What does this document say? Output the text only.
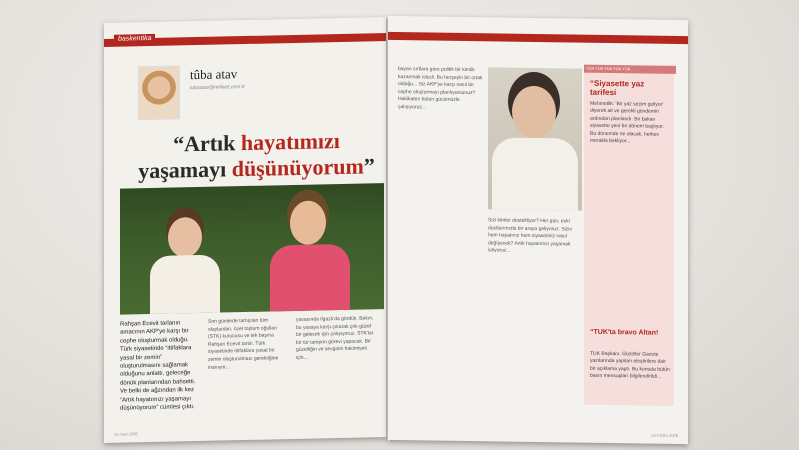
baskentika
tûba atav
tubaatav@milliyet.com.tr
“Artık hayatımızı
yaşamayı düşünüyorum”
Rahşan Ecevit tarlanın amacının AKP'ye karşı bir cephe oluşturmak olduğu. Türk siyasetinde “ittifaklara yasal bir zemin” oluşturulmasını sağlamak olduğunu anlattı, geleceğe dönük planlarından bahsetti. Ve belki de ağzından ilk kez “Artık hayatımızı yaşamayı düşünüyorum” cümlesi çıktı.
Son günlerde tartışılan tüm olaylardan, özel toplum oğulları (STK) kurucusu ve tek başına Rahşan Ecevit tartılı. Türk siyasetinde ittifaklara yasal bir zemin oluşturulması gerektiğine inanıyor...
yasasında Ilgazlı'da gördük. Bakın, bu yasaya karşı çıkarak çok güzel bir gelecek için çalışıyoruz. STK'lar bir tür tampon görevi yapacak. Bir güzelliğin ve sevginin hakimiyeti için...
31 mart 2008
bayan sırtlara göre politik bir kimlik kazanmak istedi. Bu herşeyin bir ortak olduğu... Siz AKP'ye karşı nasıl bir cephe oluşturmayı planlıyorsunuz? Hakikaten bütün gücümüzle çalışıyoruz...
Sizi kimler destekliyor? Her gün, eski dostlarımızla bir araya geliyoruz. Sizin hem hayatınız hem siyasetiniz nasıl değişecek? Artık hayatımızı yaşamak istiyoruz...
YÜA YÜA YÜA YÜA YÜA
“Siyasette yaz tarifesi
Mehmetlik: 'Bir yaz seçim geliyor' diyerek ait ve gerekli gündemin ardından planlandı. Bir bakan siyasette yeni bir dönem başlıyor. Bu dönemde ne olacak, herkes merakla bekliyor...
“TUK'ta bravo Altan!
TUK Başkanı, Güzeller Gazete yazılarında yapılan eleştirilere dair bir açıklama yaptı. Bu konuda bütün basın mensupları bilgilendirildi...
yeni bilim 2008
